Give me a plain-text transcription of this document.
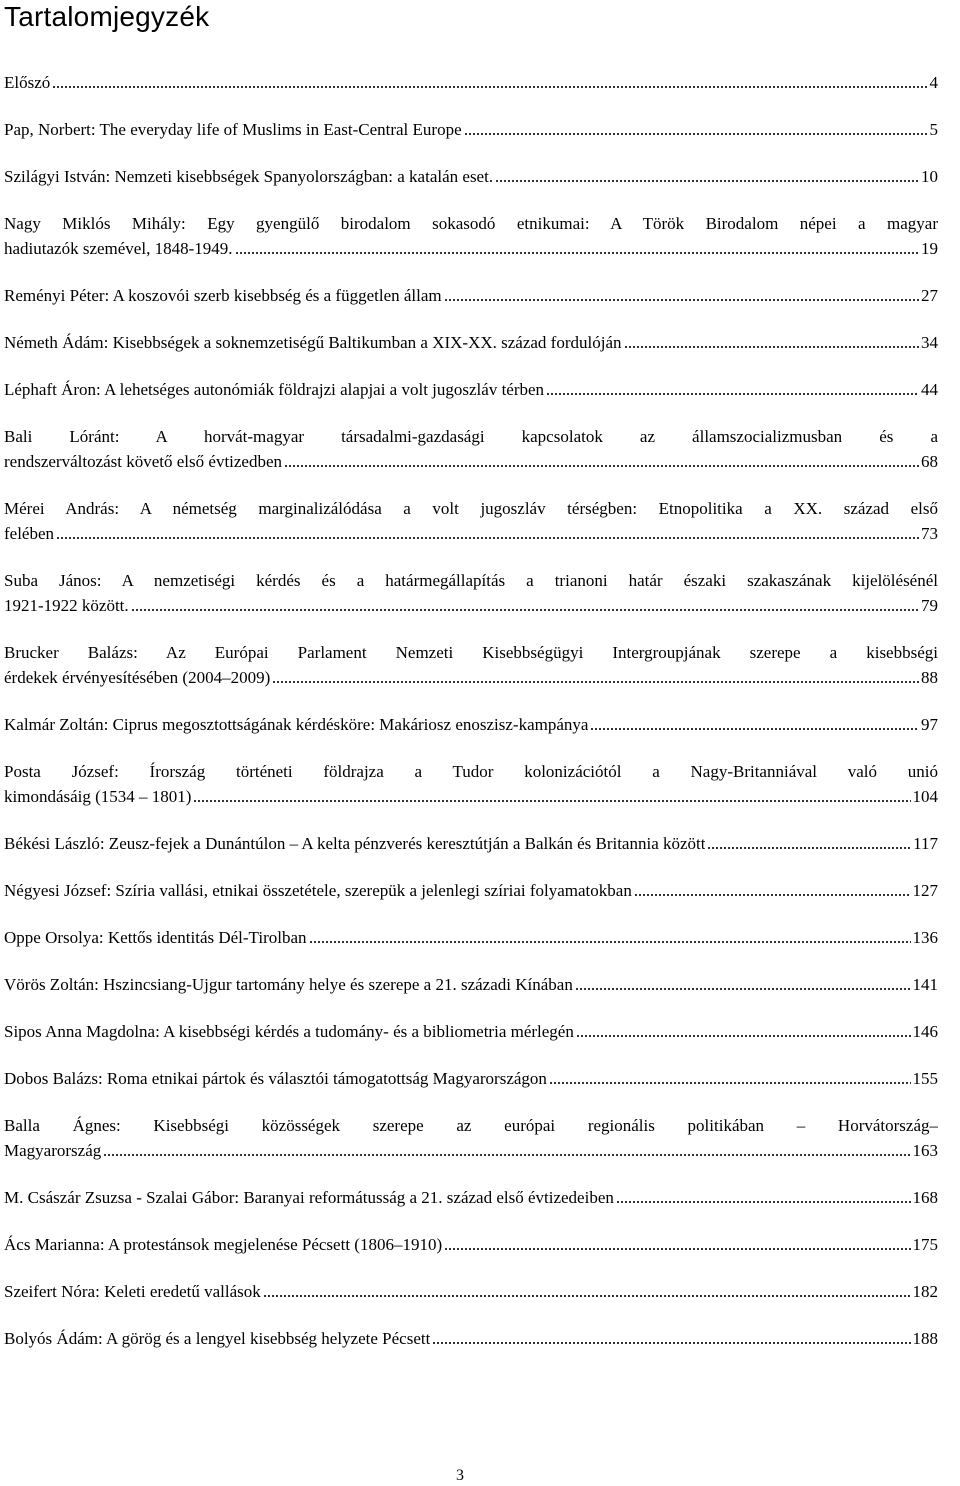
Tartalomjegyzék
Előszó	4
Pap, Norbert: The everyday life of Muslims in East-Central Europe	5
Szilágyi István: Nemzeti kisebbségek Spanyolországban: a katalán eset.	10
Nagy Miklós Mihály: Egy gyengülő birodalom sokasodó etnikumai: A Török Birodalom népei a magyar
hadiutazók szemével, 1848-1949.	19
Reményi Péter: A koszovói szerb kisebbség és a független állam	27
Németh Ádám: Kisebbségek a soknemzetiségű Baltikumban a XIX-XX. század fordulóján	34
Léphaft Áron: A lehetséges autonómiák földrajzi alapjai a volt jugoszláv térben	44
Bali Lóránt: A horvát-magyar társadalmi-gazdasági kapcsolatok az államszocializmusban és a
rendszerváltozást követő első évtizedben	68
Mérei András: A németség marginalizálódása a volt jugoszláv térségben: Etnopolitika a XX. század első
felében	73
Suba János: A nemzetiségi kérdés és a határmegállapítás a trianoni határ északi szakaszának kijelölésénél
1921-1922 között.	79
Brucker Balázs: Az Európai Parlament Nemzeti Kisebbségügyi Intergroupjának szerepe a kisebbségi
érdekek érvényesítésében (2004–2009)	88
Kalmár Zoltán: Ciprus megosztottságának kérdésköre: Makáriosz enoszisz-kampánya	97
Posta József: Írország történeti földrajza a Tudor kolonizációtól a Nagy-Britanniával való unió
kimondásáig (1534 – 1801)	104
Békési László: Zeusz-fejek a Dunántúlon – A kelta pénzverés keresztútján a Balkán és Britannia között	117
Négyesi József: Szíria vallási, etnikai összetétele, szerepük a jelenlegi szíriai folyamatokban	127
Oppe Orsolya: Kettős identitás Dél-Tirolban	136
Vörös Zoltán: Hszincsiang-Ujgur tartomány helye és szerepe a 21. századi Kínában	141
Sipos Anna Magdolna: A kisebbségi kérdés a tudomány- és a bibliometria mérlegén	146
Dobos Balázs: Roma etnikai pártok és választói támogatottság Magyarországon	155
Balla Ágnes: Kisebbségi közösségek szerepe az európai regionális politikában – Horvátország–
Magyarország	163
M. Császár Zsuzsa - Szalai Gábor: Baranyai reformátusság a 21. század első évtizedeiben	168
Ács Marianna: A protestánsok megjelenése Pécsett (1806–1910)	175
Szeifert Nóra: Keleti eredetű vallások	182
Bolyós Ádám: A görög és a lengyel kisebbség helyzete Pécsett	188
3
